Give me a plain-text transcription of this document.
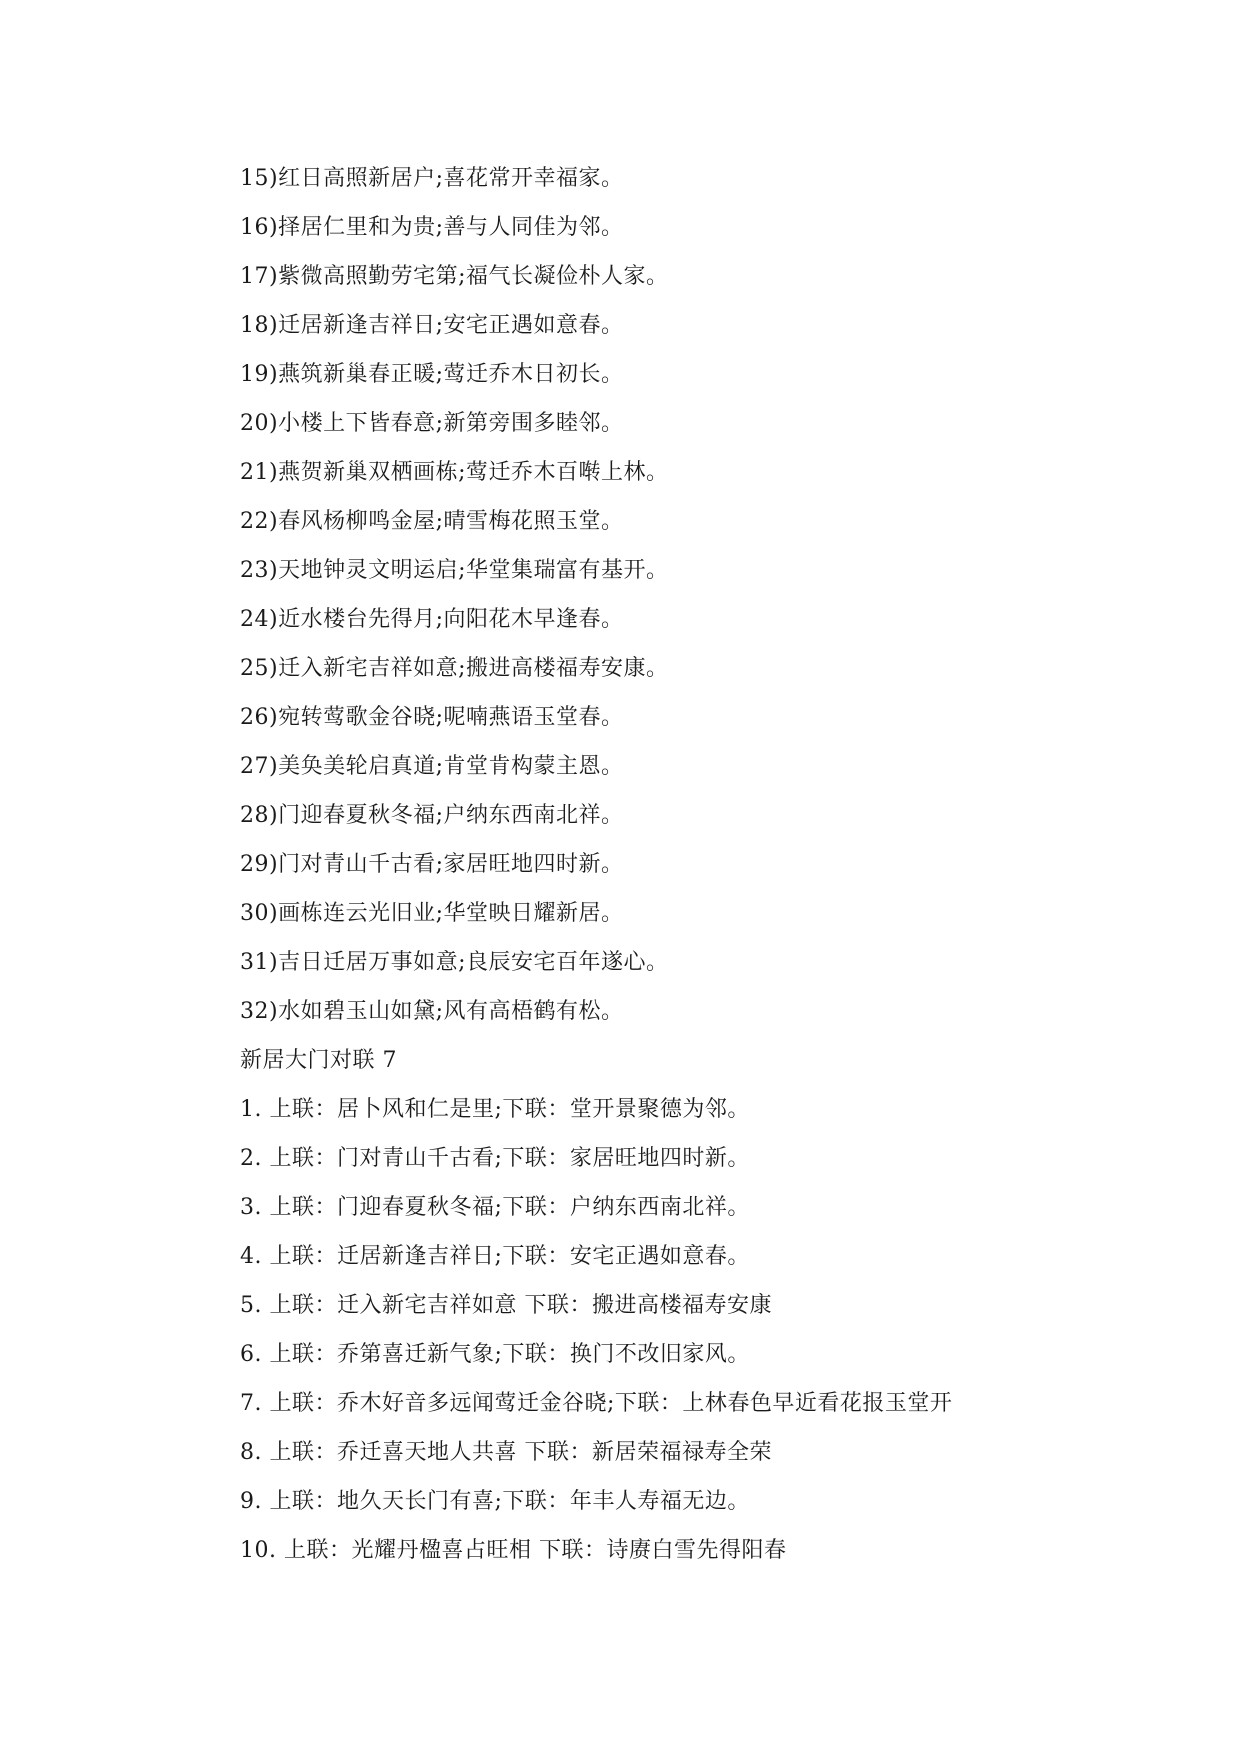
15)红日高照新居户;喜花常开幸福家。
16)择居仁里和为贵;善与人同佳为邻。
17)紫微高照勤劳宅第;福气长凝俭朴人家。
18)迁居新逢吉祥日;安宅正遇如意春。
19)燕筑新巢春正暖;莺迁乔木日初长。
20)小楼上下皆春意;新第旁围多睦邻。
21)燕贺新巢双栖画栋;莺迁乔木百啭上林。
22)春风杨柳鸣金屋;晴雪梅花照玉堂。
23)天地钟灵文明运启;华堂集瑞富有基开。
24)近水楼台先得月;向阳花木早逢春。
25)迁入新宅吉祥如意;搬进高楼福寿安康。
26)宛转莺歌金谷晓;呢喃燕语玉堂春。
27)美奂美轮启真道;肯堂肯构蒙主恩。
28)门迎春夏秋冬福;户纳东西南北祥。
29)门对青山千古看;家居旺地四时新。
30)画栋连云光旧业;华堂映日耀新居。
31)吉日迁居万事如意;良辰安宅百年遂心。
32)水如碧玉山如黛;风有高梧鹤有松。
新居大门对联 7
1. 上联：居卜风和仁是里;下联：堂开景聚德为邻。
2. 上联：门对青山千古看;下联：家居旺地四时新。
3. 上联：门迎春夏秋冬福;下联：户纳东西南北祥。
4. 上联：迁居新逢吉祥日;下联：安宅正遇如意春。
5. 上联：迁入新宅吉祥如意 下联：搬进高楼福寿安康
6. 上联：乔第喜迁新气象;下联：换门不改旧家风。
7. 上联：乔木好音多远闻莺迁金谷晓;下联：上林春色早近看花报玉堂开
8. 上联：乔迁喜天地人共喜 下联：新居荣福禄寿全荣
9. 上联：地久天长门有喜;下联：年丰人寿福无边。
10. 上联：光耀丹楹喜占旺相 下联：诗赓白雪先得阳春
